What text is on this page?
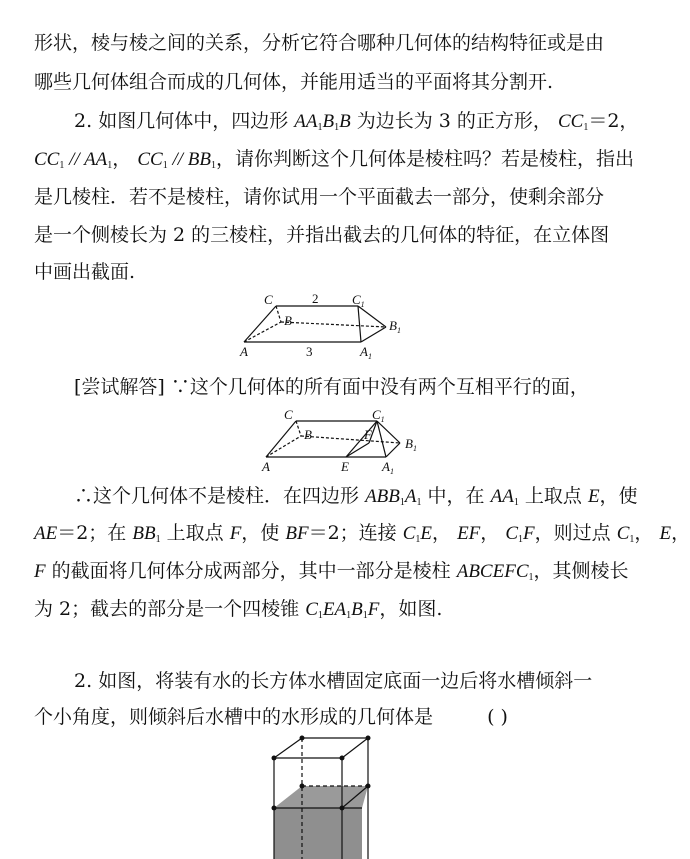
形状，棱与棱之间的关系，分析它符合哪种几何体的结构特征或是由
哪些几何体组合而成的几何体，并能用适当的平面将其分割开.
2. 如图几何体中，四边形 $AA_1B_1B$ 为边长为 3 的正方形， $CC_1=2$，
$CC_1 // AA_1$， $CC_1 // BB_1$，请你判断这个几何体是棱柱吗？若是棱柱，指出
是几棱柱．若不是棱柱，请你试用一个平面截去一部分，使剩余部分
是一个侧棱长为 2 的三棱柱，并指出截去的几何体的特征，在立体图
中画出截面.
C	$C_1$
B	$B_1$
A	$A_1$
2
3
[尝试解答] ∵这个几何体的所有面中没有两个互相平行的面，
C	$C_1$
B
$B_1$
A	$A_1$
E
F
∴这个几何体不是棱柱．在四边形 $ABB_1A_1$ 中，在 $AA_1$ 上取点 E，使
AE＝2；在 $BB_1$ 上取点 F，使 BF＝2；连接 $C_1E$， EF， $C_1F$，则过点 $C_1$， E，
F 的截面将几何体分成两部分，其中一部分是棱柱 $ABCEFC_1$，其侧棱长
为 2；截去的部分是一个四棱锥 $C_1EA_1B_1F$，如图.
2. 如图，将装有水的长方体水槽固定底面一边后将水槽倾斜一
个小角度，则倾斜后水槽中的水形成的几何体是	( )
